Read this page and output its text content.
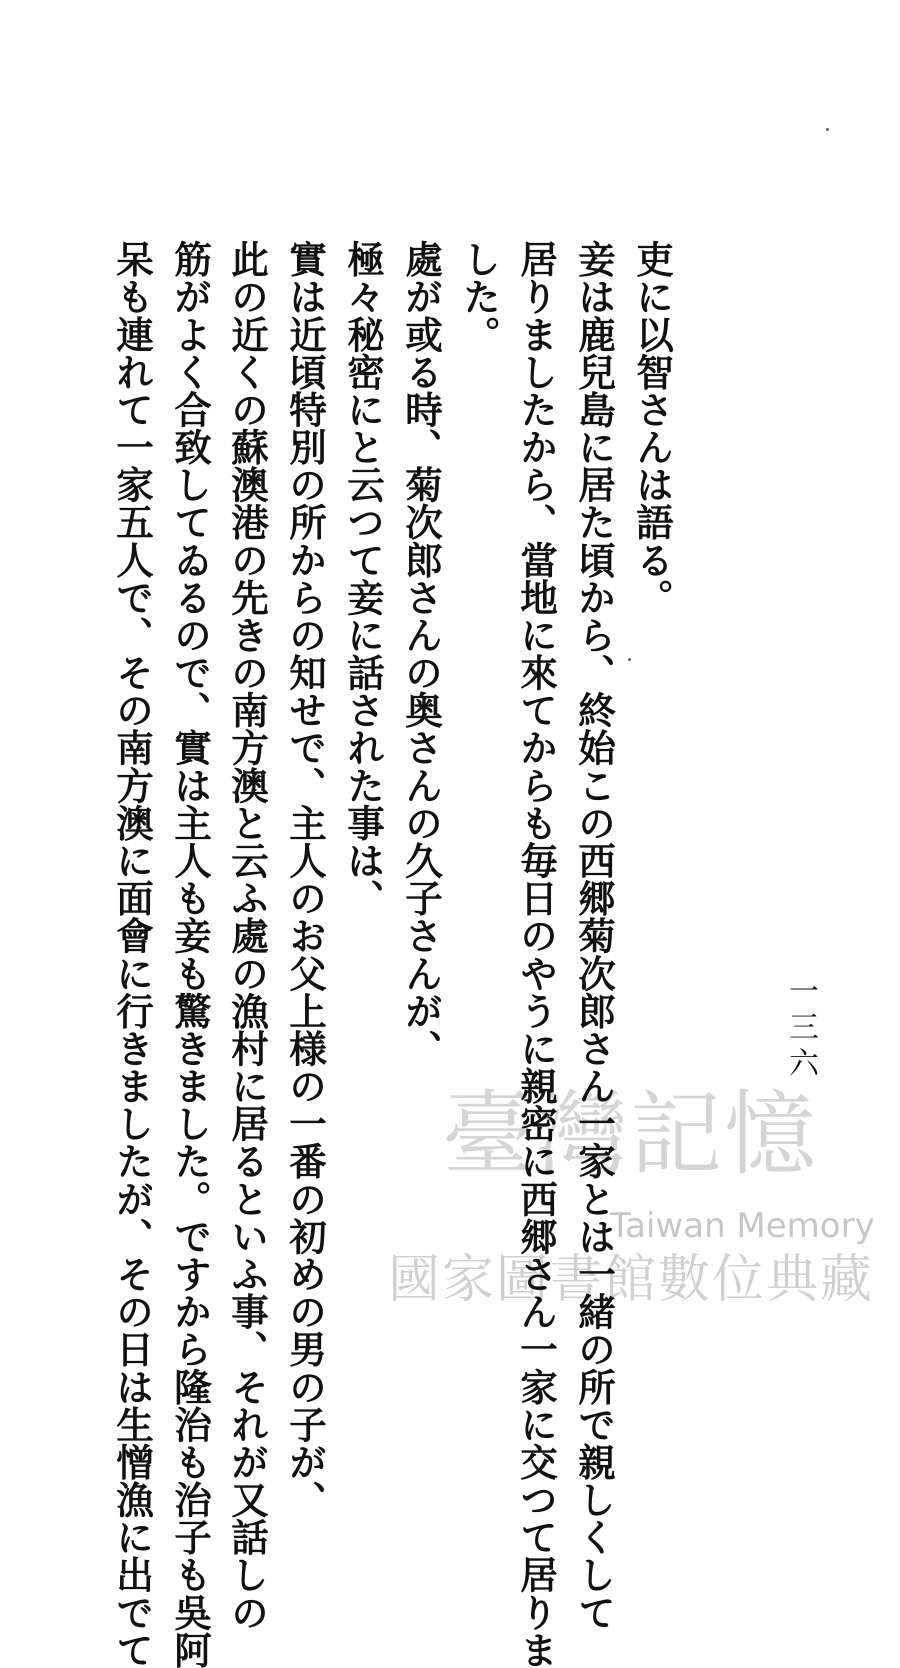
一三六
吏に以智さんは語る。
妾は鹿兒島に居た頃から、終始この西郷菊次郎さん一家とは一緒の所で親しくして
居りましたから、當地に來てからも毎日のやうに親密に西郷さん一家に交つて居りま
した。
處が或る時、菊次郎さんの奥さんの久子さんが、
極々秘密にと云つて妾に話された事は、
實は近頃特別の所からの知せで、主人のお父上様の一番の初めの男の子が、
此の近くの蘇澳港の先きの南方澳と云ふ處の漁村に居るといふ事、それが又話しの
筋がよく合致してゐるので、實は主人も妾も驚きました。ですから隆治も治子も吳阿
呆も連れて一家五人で、その南方澳に面會に行きましたが、その日は生憎漁に出でて	臺灣記憶
Taiwan Memory
國家圖書館數位典藏
